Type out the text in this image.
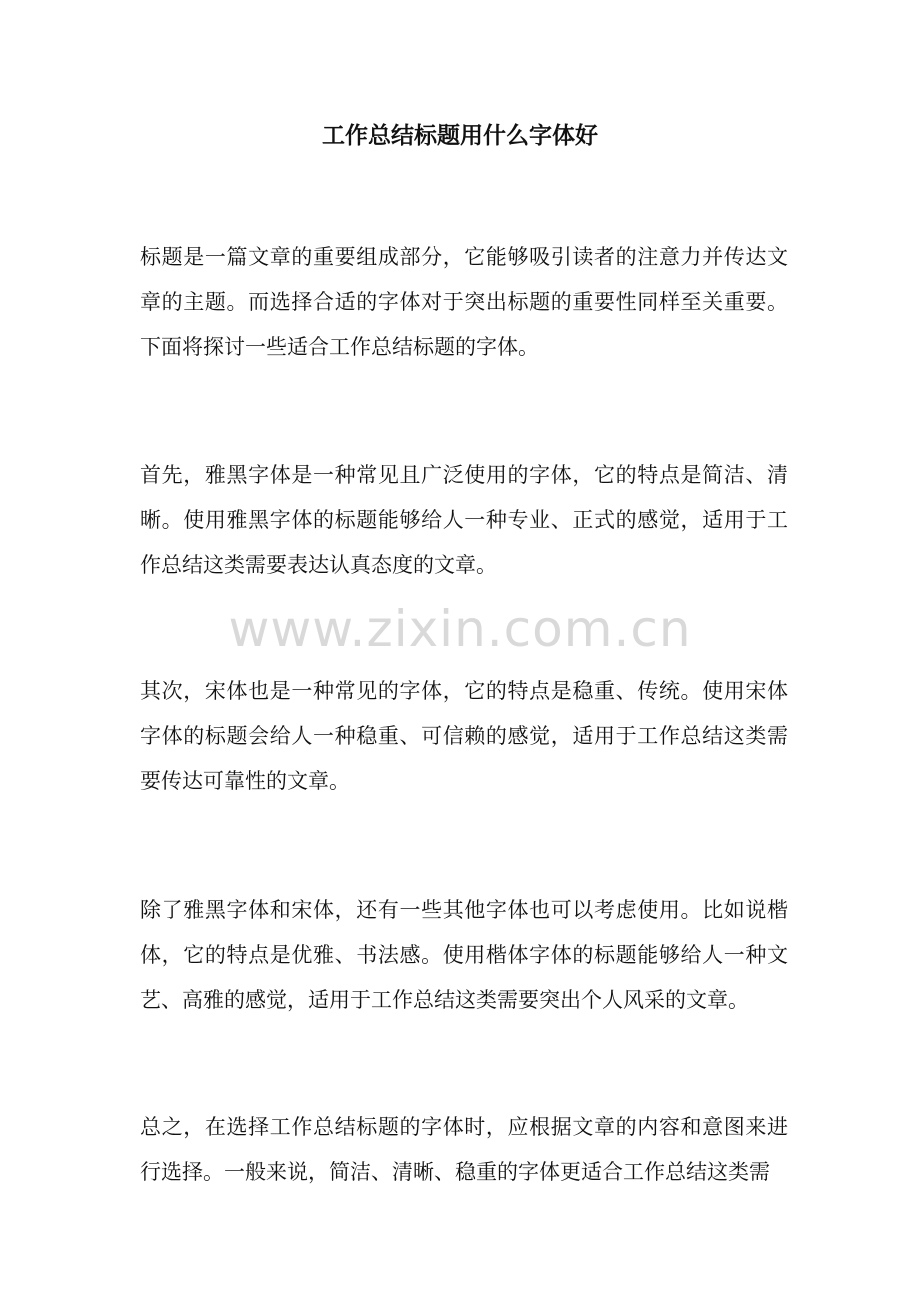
工作总结标题用什么字体好

标题是一篇文章的重要组成部分，它能够吸引读者的注意力并传达文章的主题。而选择合适的字体对于突出标题的重要性同样至关重要。下面将探讨一些适合工作总结标题的字体。

首先，雅黑字体是一种常见且广泛使用的字体，它的特点是简洁、清晰。使用雅黑字体的标题能够给人一种专业、正式的感觉，适用于工作总结这类需要表达认真态度的文章。

其次，宋体也是一种常见的字体，它的特点是稳重、传统。使用宋体字体的标题会给人一种稳重、可信赖的感觉，适用于工作总结这类需要传达可靠性的文章。

除了雅黑字体和宋体，还有一些其他字体也可以考虑使用。比如说楷体，它的特点是优雅、书法感。使用楷体字体的标题能够给人一种文艺、高雅的感觉，适用于工作总结这类需要突出个人风采的文章。

总之，在选择工作总结标题的字体时，应根据文章的内容和意图来进行选择。一般来说，简洁、清晰、稳重的字体更适合工作总结这类需

www.zixin.com.cn
